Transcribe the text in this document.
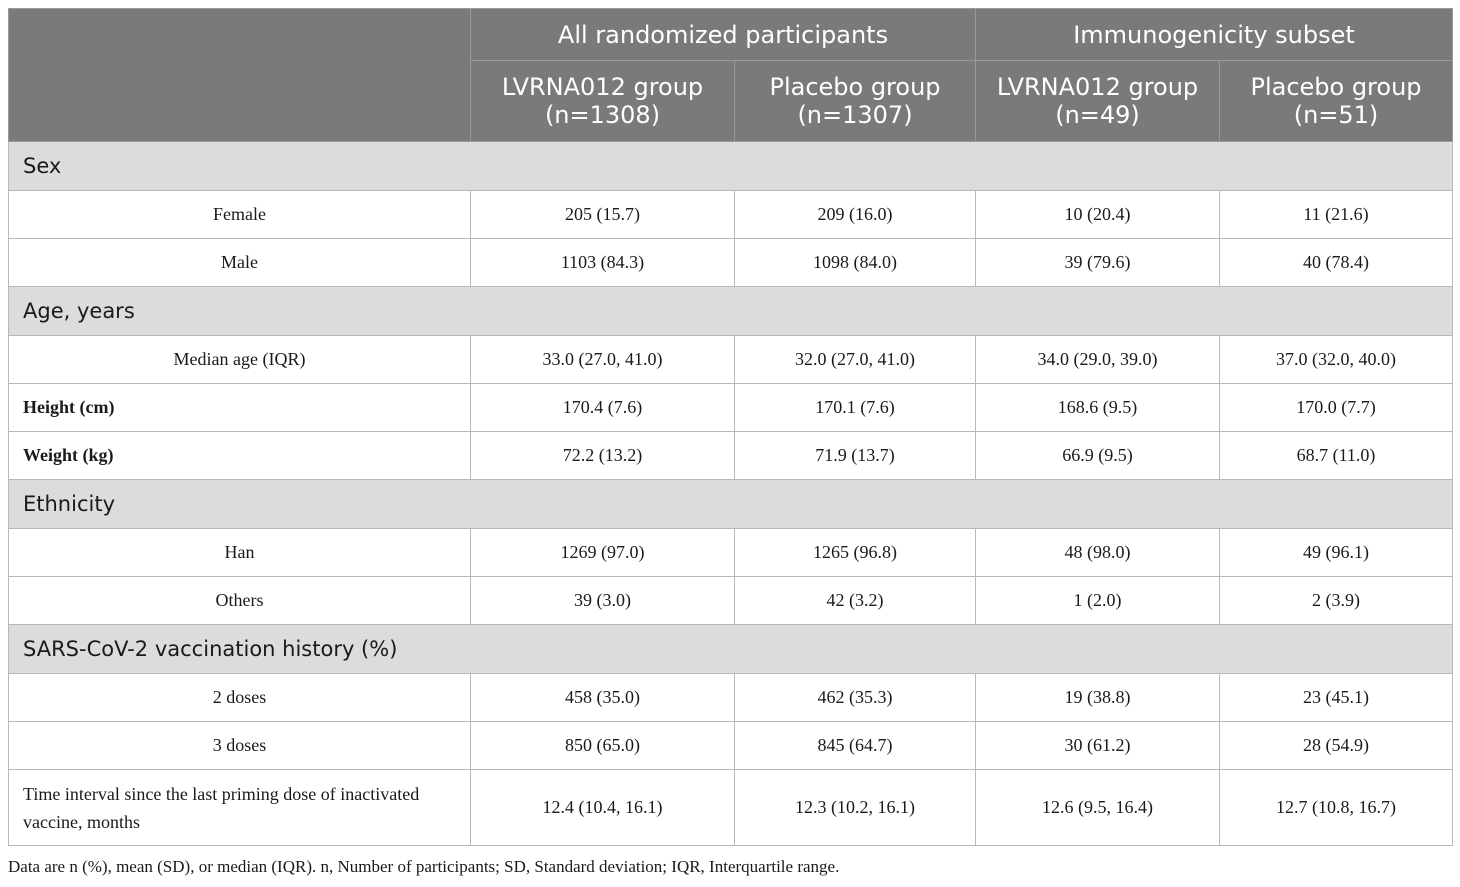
	All randomized participants		Immunogenicity subset	
	LVRNA012 group (n=1308)	Placebo group (n=1307)	LVRNA012 group (n=49)	Placebo group (n=51)
Sex				
Female	205 (15.7)	209 (16.0)	10 (20.4)	11 (21.6)
Male	1103 (84.3)	1098 (84.0)	39 (79.6)	40 (78.4)
Age, years				
Median age (IQR)	33.0 (27.0, 41.0)	32.0 (27.0, 41.0)	34.0 (29.0, 39.0)	37.0 (32.0, 40.0)
Height (cm)	170.4 (7.6)	170.1 (7.6)	168.6 (9.5)	170.0 (7.7)
Weight (kg)	72.2 (13.2)	71.9 (13.7)	66.9 (9.5)	68.7 (11.0)
Ethnicity				
Han	1269 (97.0)	1265 (96.8)	48 (98.0)	49 (96.1)
Others	39 (3.0)	42 (3.2)	1 (2.0)	2 (3.9)
SARS-CoV-2 vaccination history (%)				
2 doses	458 (35.0)	462 (35.3)	19 (38.8)	23 (45.1)
3 doses	850 (65.0)	845 (64.7)	30 (61.2)	28 (54.9)
Time interval since the last priming dose of inactivated vaccine, months	12.4 (10.4, 16.1)	12.3 (10.2, 16.1)	12.6 (9.5, 16.4)	12.7 (10.8, 16.7)
Data are n (%), mean (SD), or median (IQR). n, Number of participants; SD, Standard deviation; IQR, Interquartile range.
